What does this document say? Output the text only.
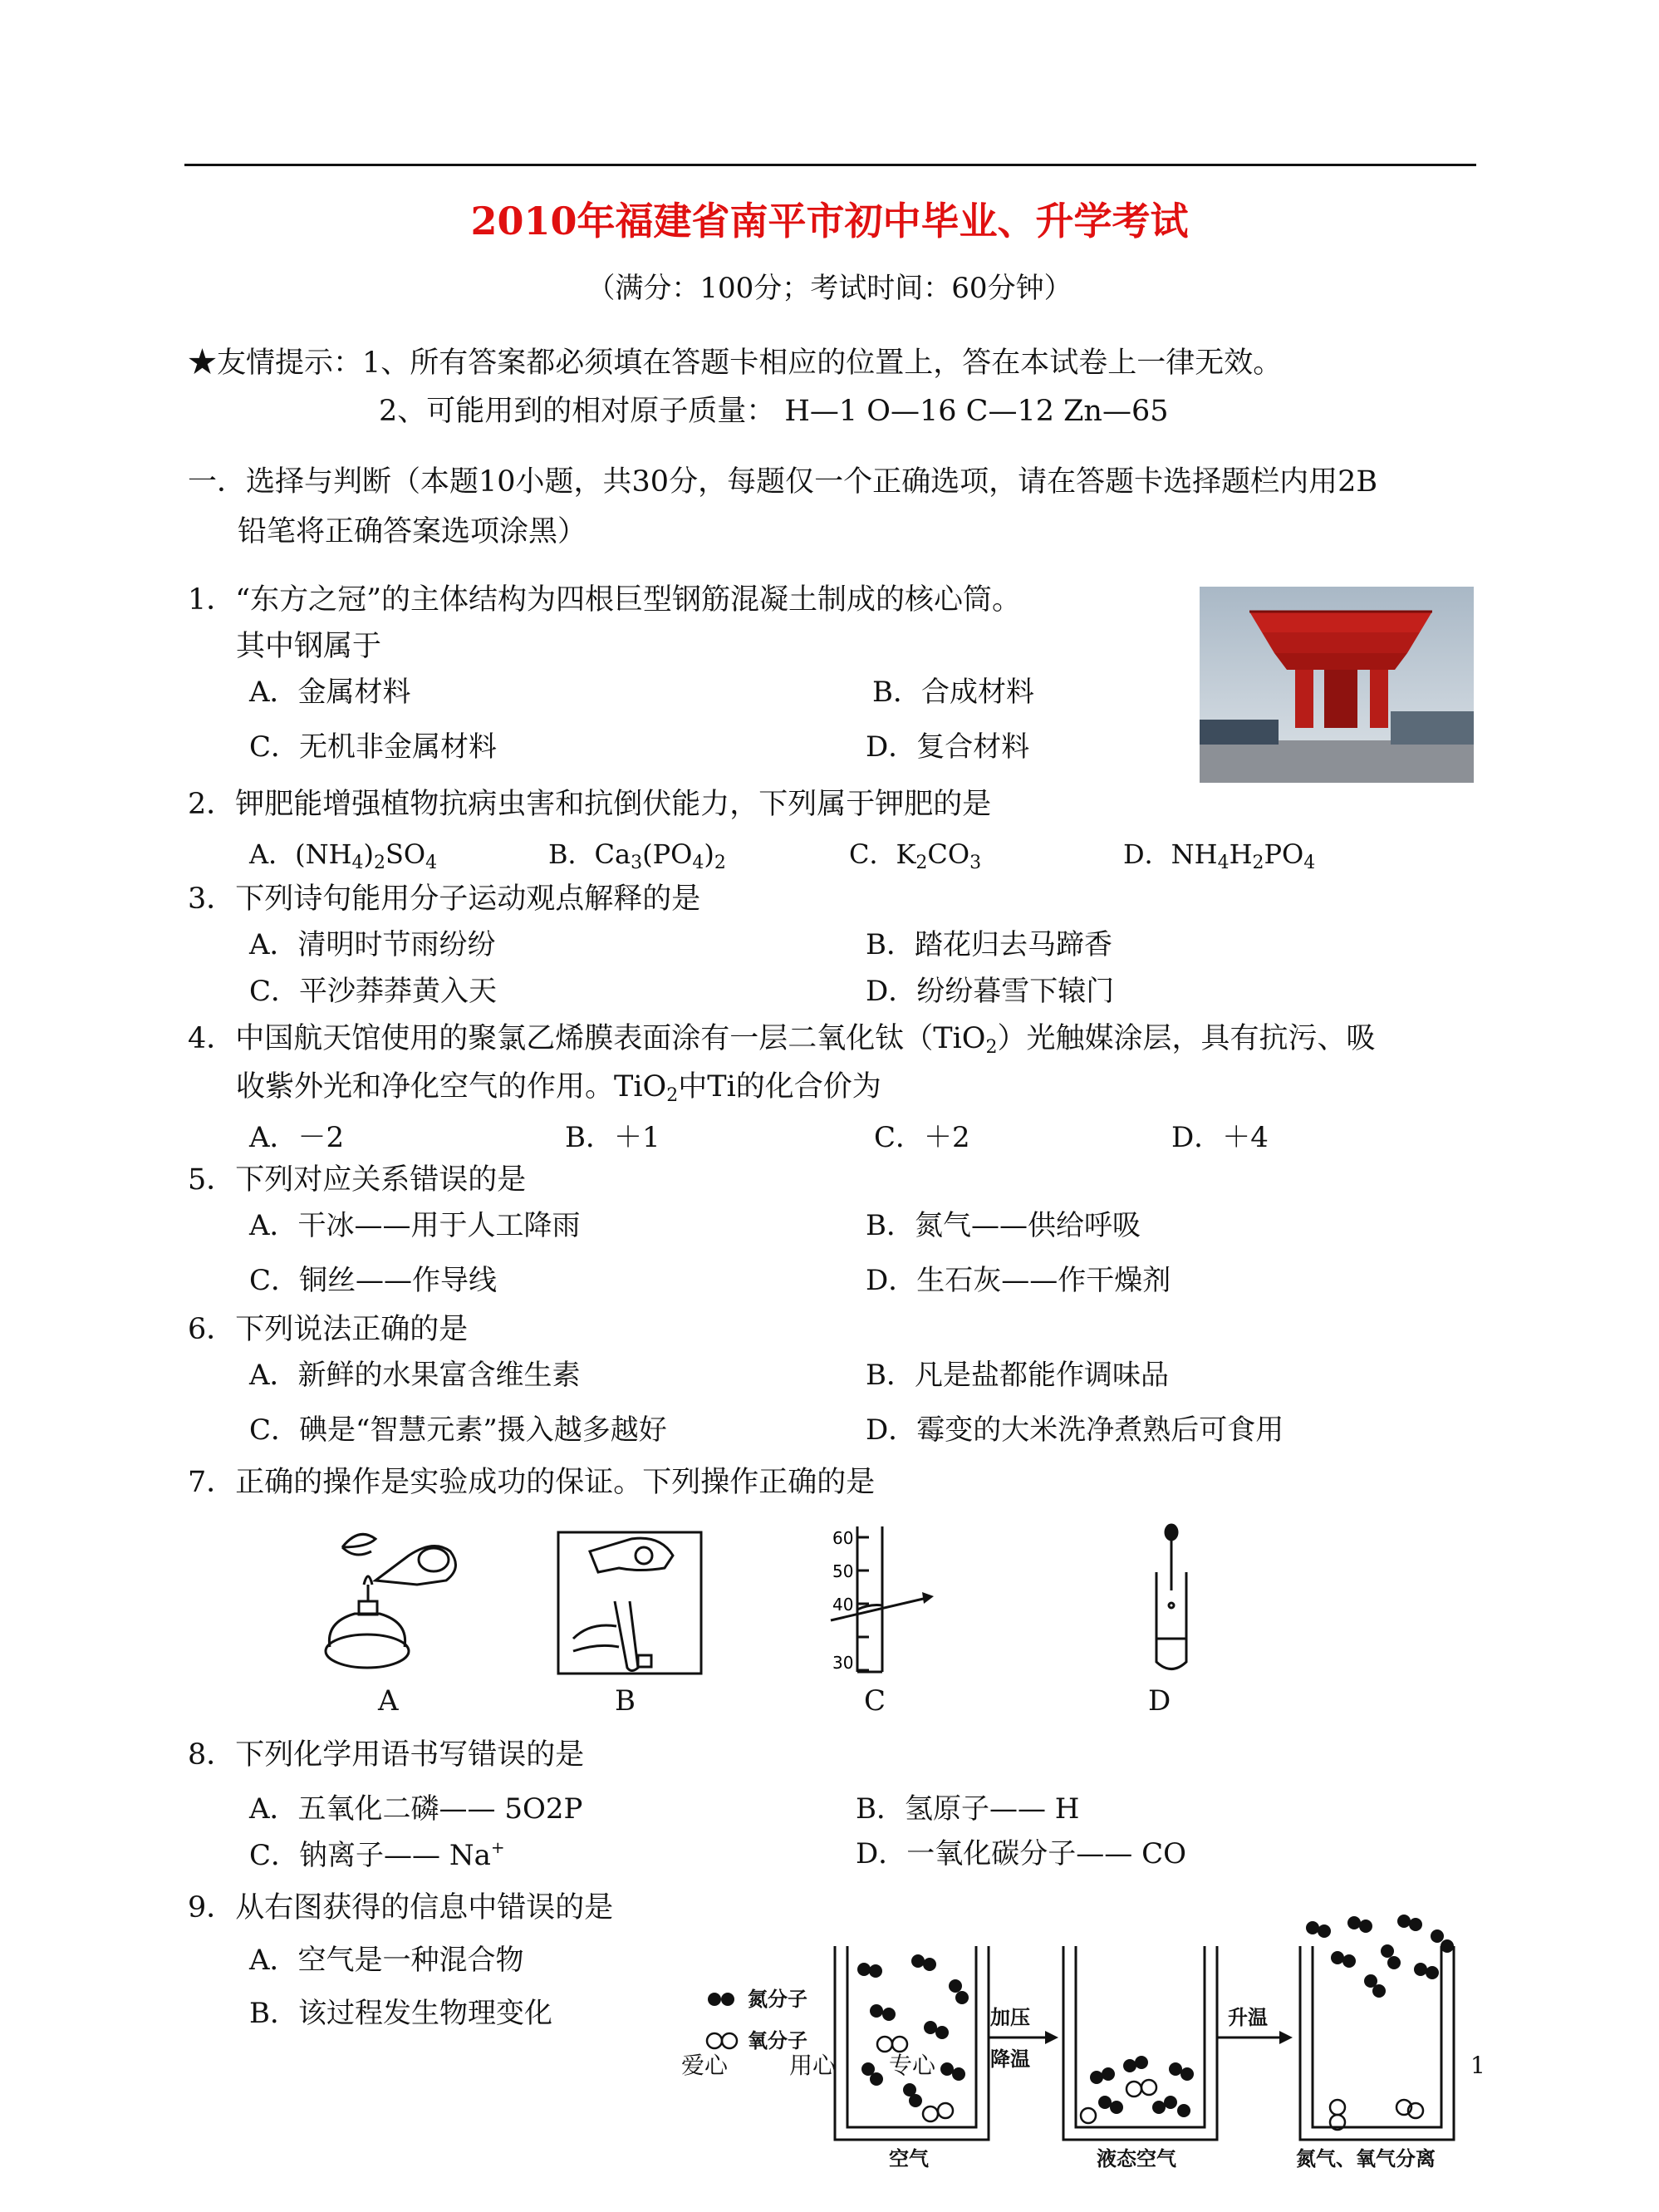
2010年福建省南平市初中毕业、升学考试
（满分：100分；考试时间：60分钟）
★友情提示：1、所有答案都必须填在答题卡相应的位置上，答在本试卷上一律无效。
2、可能用到的相对原子质量： H—1 O—16 C—12 Zn—65
一．选择与判断（本题10小题，共30分，每题仅一个正确选项，请在答题卡选择题栏内用2B
铅笔将正确答案选项涂黑）
1．“东方之冠”的主体结构为四根巨型钢筋混凝土制成的核心筒。
其中钢属于
A．金属材料	B．合成材料
C．无机非金属材料	D．复合材料
2．钾肥能增强植物抗病虫害和抗倒伏能力，下列属于钾肥的是
A．$(NH_4)_2SO_4$	B．$Ca_3(PO_4)_2$	C．$K_2CO_3$	D．$NH_4H_2PO_4$
3．下列诗句能用分子运动观点解释的是
A．清明时节雨纷纷	B．踏花归去马蹄香
C．平沙莽莽黄入天	D．纷纷暮雪下辕门
4．中国航天馆使用的聚氯乙烯膜表面涂有一层二氧化钛（TiO$_2$）光触媒涂层，具有抗污、吸
收紫外光和净化空气的作用。TiO$_2$中Ti的化合价为
A．－2	B．＋1	C．＋2	D．＋4
5．下列对应关系错误的是
A．干冰——用于人工降雨	B．氮气——供给呼吸
C．铜丝——作导线	D．生石灰——作干燥剂
6．下列说法正确的是
A．新鲜的水果富含维生素	B．凡是盐都能作调味品
C．碘是“智慧元素”摄入越多越好	D．霉变的大米洗净煮熟后可食用
7．正确的操作是实验成功的保证。下列操作正确的是
60
50
40
30
A	B	C	D
8．下列化学用语书写错误的是
A．五氧化二磷—— 5O2P	B．氢原子—— H
C．钠离子—— Na+	D．一氧化碳分子—— CO
9．从右图获得的信息中错误的是
A．空气是一种混合物
B．该过程发生物理变化	氮分子
氧分子
加压
降温
升温
空气	液态空气	氮气、氧气分离
爱心	用心 专心	1
